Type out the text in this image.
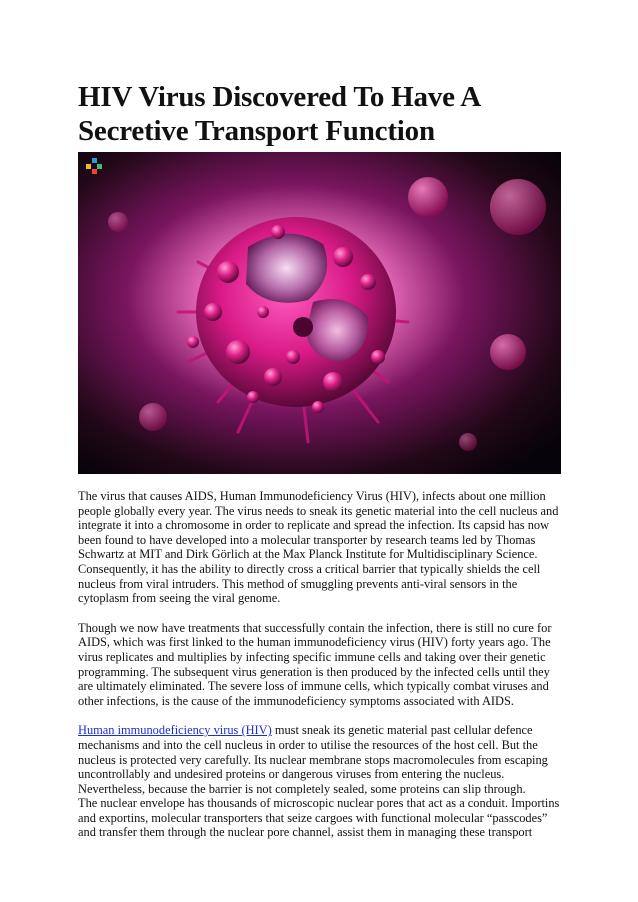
HIV Virus Discovered To Have A
Secretive Transport Function

The virus that causes AIDS, Human Immunodeficiency Virus (HIV), infects about one million people globally every year. The virus needs to sneak its genetic material into the cell nucleus and integrate it into a chromosome in order to replicate and spread the infection. Its capsid has now been found to have developed into a molecular transporter by research teams led by Thomas Schwartz at MIT and Dirk Görlich at the Max Planck Institute for Multidisciplinary Science. Consequently, it has the ability to directly cross a critical barrier that typically shields the cell nucleus from viral intruders. This method of smuggling prevents anti-viral sensors in the cytoplasm from seeing the viral genome.

Though we now have treatments that successfully contain the infection, there is still no cure for AIDS, which was first linked to the human immunodeficiency virus (HIV) forty years ago. The virus replicates and multiplies by infecting specific immune cells and taking over their genetic programming. The subsequent virus generation is then produced by the infected cells until they are ultimately eliminated. The severe loss of immune cells, which typically combat viruses and other infections, is the cause of the immunodeficiency symptoms associated with AIDS.

Human immunodeficiency virus (HIV) must sneak its genetic material past cellular defence mechanisms and into the cell nucleus in order to utilise the resources of the host cell. But the nucleus is protected very carefully. Its nuclear membrane stops macromolecules from escaping uncontrollably and undesired proteins or dangerous viruses from entering the nucleus. Nevertheless, because the barrier is not completely sealed, some proteins can slip through.

The nuclear envelope has thousands of microscopic nuclear pores that act as a conduit. Importins and exportins, molecular transporters that seize cargoes with functional molecular “passcodes” and transfer them through the nuclear pore channel, assist them in managing these transport
